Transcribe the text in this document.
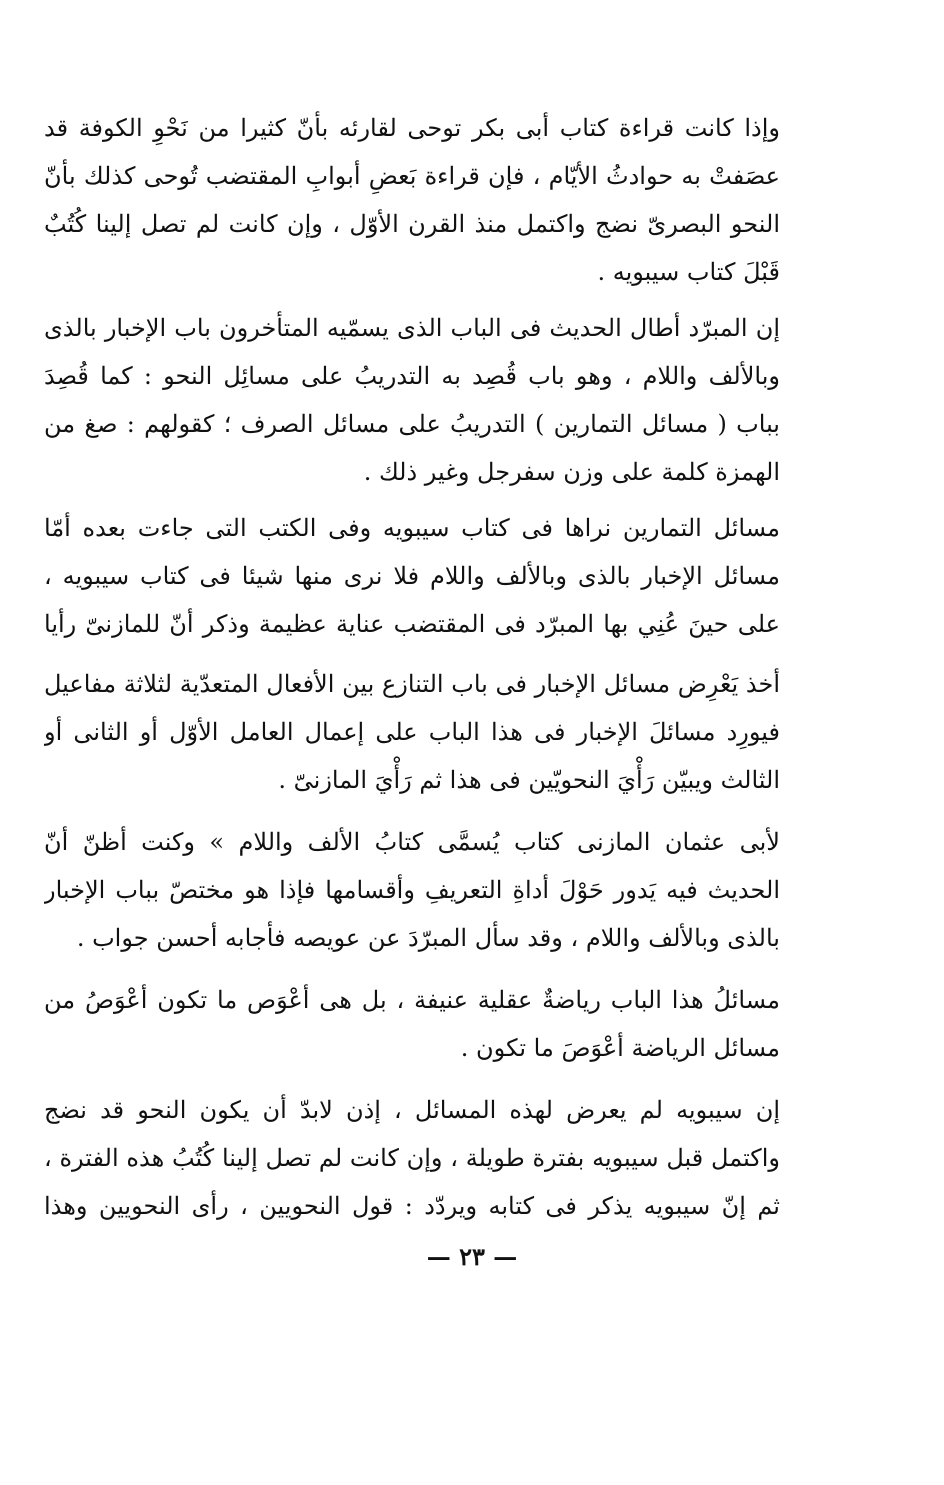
وإذا كانت قراءة كتاب أبى بكر توحى لقارئه بأنّ كثيرا من نَحْوِ الكوفة قد عصَفتْ به حوادثُ الأيّام ، فإن قراءة بَعضِ أبوابِ المقتضب تُوحى كذلك بأنّ النحو البصرىّ نضج واكتمل منذ القرن الأوّل ، وإن كانت لم تصل إلينا كُتُبٌ قَبْلَ كتاب سيبويه .

إن المبرّد أطال الحديث فى الباب الذى يسمّيه المتأخرون باب الإخبار بالذى وبالألف واللام ، وهو باب قُصِد به التدريبُ على مسائِل النحو : كما قُصِدَ بباب ( مسائل التمارين ) التدريبُ على مسائل الصرف ؛ كقولهم : صغ من الهمزة كلمة على وزن سفرجل وغير ذلك .

مسائل التمارين نراها فى كتاب سيبويه وفى الكتب التى جاءت بعده أمّا مسائل الإخبار بالذى وبالألف واللام فلا نرى منها شيئا فى كتاب سيبويه ، على حينَ عُنِي بها المبرّد فى المقتضب عناية عظيمة وذكر أنّ للمازنىّ رأيا

أخذ يَعْرِض مسائل الإخبار فى باب التنازع بين الأفعال المتعدّية لثلاثة مفاعيل فيورِد مسائلَ الإخبار فى هذا الباب على إعمال العامل الأوّل أو الثانى أو الثالث ويبيّن رَأْيَ النحويّين فى هذا ثم رَأْيَ المازنىّ .

لأبى عثمان المازنى كتاب يُسمَّى كتابُ الألف واللام » وكنت أظنّ أنّ الحديث فيه يَدور حَوْلَ أداةِ التعريفِ وأقسامها فإذا هو مختصّ بباب الإخبار بالذى وبالألف واللام ، وقد سأل المبرّدَ عن عويصه فأجابه أحسن جواب .

مسائلُ هذا الباب رياضةٌ عقلية عنيفة ، بل هى أعْوَص ما تكون أعْوَصُ من مسائل الرياضة أعْوَصَ ما تكون .

إن سيبويه لم يعرض لهذه المسائل ، إذن لابدّ أن يكون النحو قد نضج واكتمل قبل سيبويه بفترة طويلة ، وإن كانت لم تصل إلينا كُتُبُ هذه الفترة ، ثم إنّ سيبويه يذكر فى كتابه ويردّد : قول النحويين ، رأى النحويين وهذا

— ٢٣ —
